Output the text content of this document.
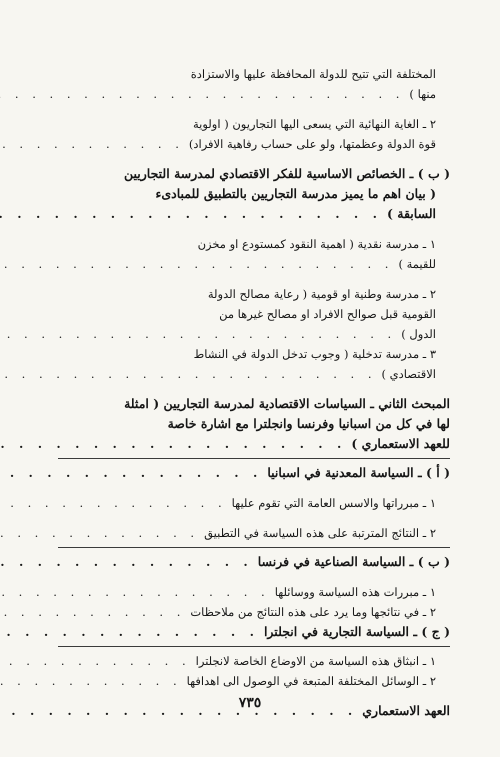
المختلفة التي تتيح للدولة المحافظة عليها والاستزادة
منها )
. . .
٢ ـ الغاية النهائية التي يسعى اليها التجاريون ( اولوية
قوة الدولة وعظمتها، ولو على حساب رفاهية الافراد)
. . .
( ب ) ـ الخصائص الاساسية للفكر الاقتصادي لمدرسة التجاريين
( بيان اهم ما يميز مدرسة التجاريين بالتطبيق للمبادىء
السابقة )
. . .
١ ـ مدرسة نقدية ( اهمية النقود كمستودع او مخزن
للقيمة )
. . .
٢ ـ مدرسة وطنية او قومية ( رعاية مصالح الدولة
القومية قبل صوالح الافراد او مصالح غيرها من
الدول )
. . .
٣ ـ مدرسة تدخلية ( وجوب تدخل الدولة في النشاط
الاقتصادي )
. . .
المبحث الثاني ـ السياسات الاقتصادية لمدرسة التجاريين ( امثلة
لها في كل من اسبانيا وفرنسا وانجلترا مع اشارة خاصة
للعهد الاستعماري )
. . .
( أ ) ـ السياسة المعدنية في اسبانيا
. . .
١ ـ مبرراتها والاسس العامة التي تقوم عليها
. . .
٢ ـ النتائج المترتبة على هذه السياسة في التطبيق
. . .
( ب ) ـ السياسة الصناعية في فرنسا
. . .
١ ـ مبررات هذه السياسة ووسائلها
. . .
٢ ـ في نتائجها وما يرد على هذه النتائج من ملاحظات
. . .
( ج ) ـ السياسة التجارية في انجلترا
. . .
١ ـ انبثاق هذه السياسة من الاوضاع الخاصة لانجلترا
. . .
٢ ـ الوسائل المختلفة المتبعة في الوصول الى اهدافها
. . .
العهد الاستعماري
. . .
٧٣٥
